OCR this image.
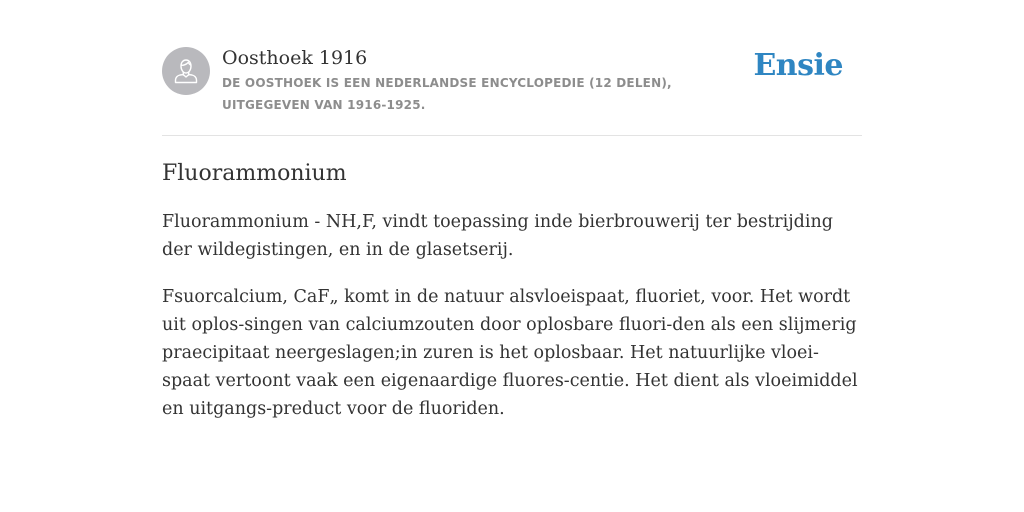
Oosthoek 1916

DE OOSTHOEK IS EEN NEDERLANDSE ENCYCLOPEDIE (12 DELEN), UITGEGEVEN VAN 1916-1925.

Ensie
Fluorammonium

Fluorammonium - NH,F, vindt toepassing inde bierbrouwerij ter bestrijding der wildegistingen, en in de glasetserij.

Fsuorcalcium, CaF„ komt in de natuur alsvloeispaat, fluoriet, voor. Het wordt uit oplos-singen van calciumzouten door oplosbare fluori-den als een slijmerig praecipitaat neergeslagen;in zuren is het oplosbaar. Het natuurlijke vloei-spaat vertoont vaak een eigenaardige fluores-centie. Het dient als vloeimiddel en uitgangs-preduct voor de fluoriden.
